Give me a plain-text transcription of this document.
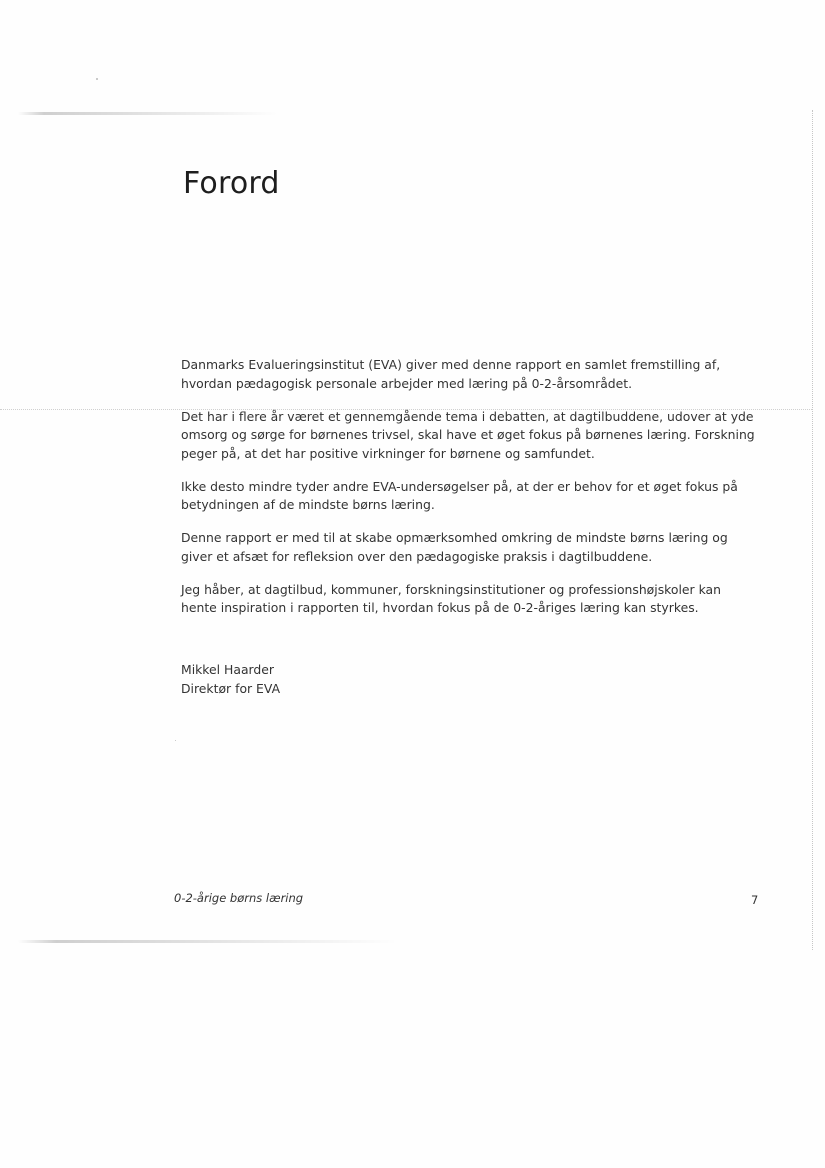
Forord

Danmarks Evalueringsinstitut (EVA) giver med denne rapport en samlet fremstilling af, hvordan pædagogisk personale arbejder med læring på 0-2-årsområdet.

Det har i flere år været et gennemgående tema i debatten, at dagtilbuddene, udover at yde omsorg og sørge for børnenes trivsel, skal have et øget fokus på børnenes læring. Forskning peger på, at det har positive virkninger for børnene og samfundet.

Ikke desto mindre tyder andre EVA-undersøgelser på, at der er behov for et øget fokus på betydningen af de mindste børns læring.

Denne rapport er med til at skabe opmærksomhed omkring de mindste børns læring og giver et afsæt for refleksion over den pædagogiske praksis i dagtilbuddene.

Jeg håber, at dagtilbud, kommuner, forskningsinstitutioner og professionshøjskoler kan hente inspiration i rapporten til, hvordan fokus på de 0-2-åriges læring kan styrkes.

Mikkel Haarder
Direktør for EVA
0-2-årige børns læring	7
